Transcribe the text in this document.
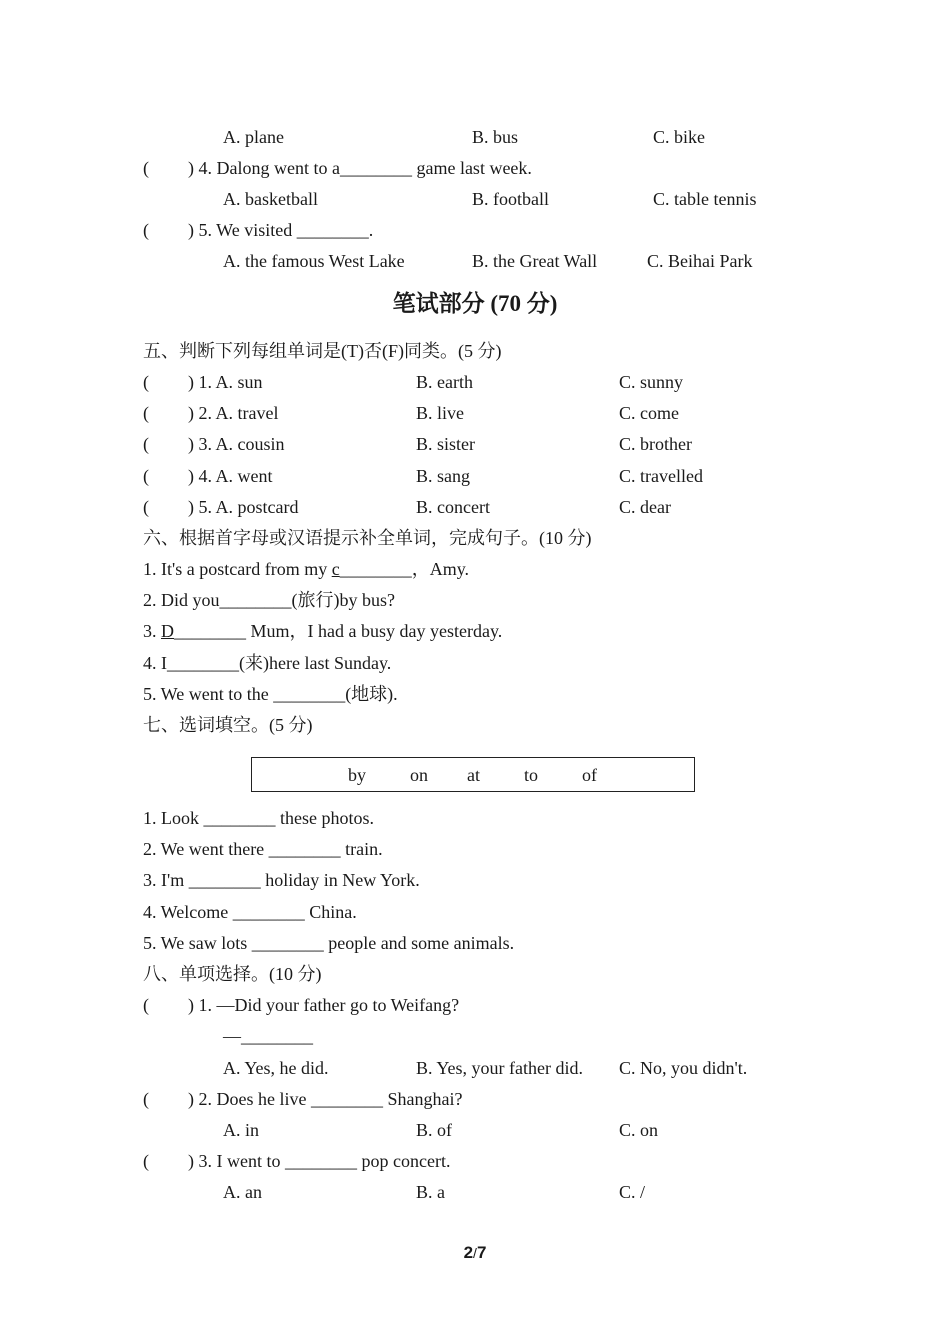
A. plane	B. bus	C. bike
( ) 4. Dalong went to a________ game last week.
A. basketball	B. football	C. table tennis
( ) 5. We visited ________.
A. the famous West Lake	B. the Great Wall	C. Beihai Park
笔试部分 (70 分)
五、判断下列每组单词是(T)否(F)同类。(5 分)
( ) 1. A. sun	B. earth	C. sunny
( ) 2. A. travel	B. live	C. come
( ) 3. A. cousin	B. sister	C. brother
( ) 4. A. went	B. sang	C. travelled
( ) 5. A. postcard	B. concert	C. dear
六、根据首字母或汉语提示补全单词，完成句子。(10 分)
1. It's a postcard from my c________，Amy.
2. Did you________(旅行)by bus?
3. D________ Mum，I had a busy day yesterday.
4. I________(来)here last Sunday.
5. We went to the ________(地球).
七、选词填空。(5 分)
by on at to of
1. Look ________ these photos.
2. We went there ________ train.
3. I'm ________ holiday in New York.
4. Welcome ________ China.
5. We saw lots ________ people and some animals.
八、单项选择。(10 分)
( ) 1. —Did your father go to Weifang?
—________
A. Yes, he did.	B. Yes, your father did. C. No, you didn't.
( ) 2. Does he live ________ Shanghai?
A. in	B. of	C. on
( ) 3. I went to ________ pop concert.
A. an	B. a	C. /
2/7
